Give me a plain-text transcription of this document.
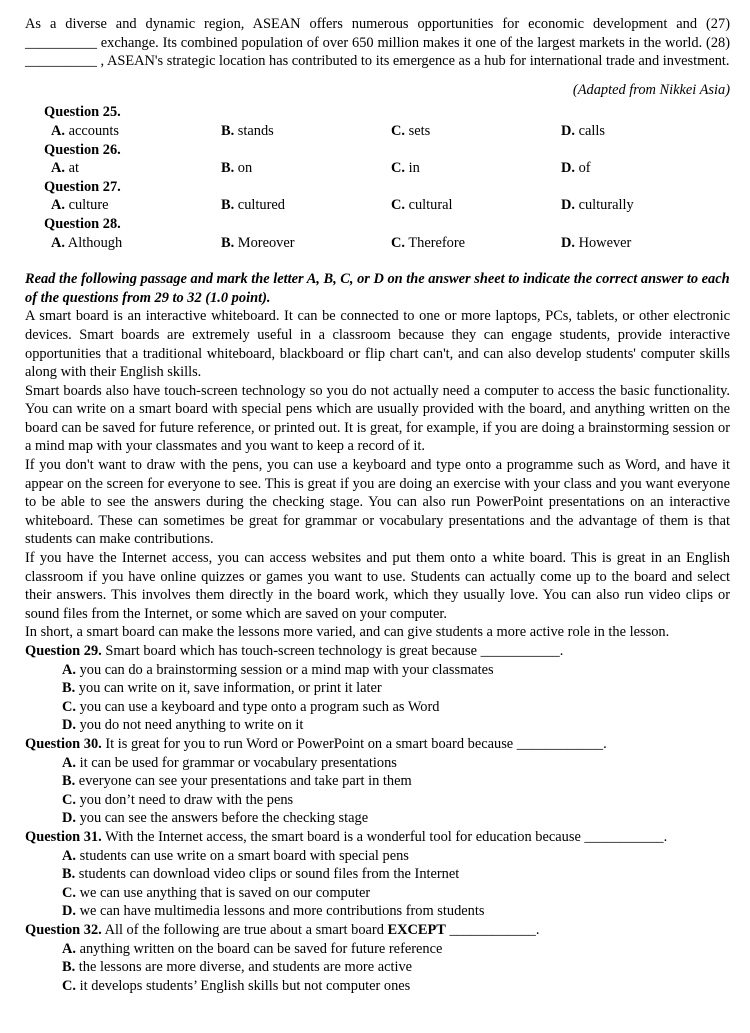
As a diverse and dynamic region, ASEAN offers numerous opportunities for economic development and (27) __________ exchange. Its combined population of over 650 million makes it one of the largest markets in the world. (28) __________ , ASEAN's strategic location has contributed to its emergence as a hub for international trade and investment.

(Adapted from Nikkei Asia)
Question 25.
A. accounts	B. stands	C. sets	D. calls
Question 26.
A. at	B. on	C. in	D. of
Question 27.
A. culture	B. cultured	C. cultural	D. culturally
Question 28.
A. Although	B. Moreover	C. Therefore	D. However

Read the following passage and mark the letter A, B, C, or D on the answer sheet to indicate the correct answer to each of the questions from 29 to 32 (1.0 point).

A smart board is an interactive whiteboard. It can be connected to one or more laptops, PCs, tablets, or other electronic devices. Smart boards are extremely useful in a classroom because they can engage students, provide interactive opportunities that a traditional whiteboard, blackboard or flip chart can't, and can also develop students' computer skills along with their English skills.

Smart boards also have touch-screen technology so you do not actually need a computer to access the basic functionality. You can write on a smart board with special pens which are usually provided with the board, and anything written on the board can be saved for future reference, or printed out. It is great, for example, if you are doing a brainstorming session or a mind map with your classmates and you want to keep a record of it.

If you don't want to draw with the pens, you can use a keyboard and type onto a programme such as Word, and have it appear on the screen for everyone to see. This is great if you are doing an exercise with your class and you want everyone to be able to see the answers during the checking stage. You can also run PowerPoint presentations on an interactive whiteboard. These can sometimes be great for grammar or vocabulary presentations and the advantage of them is that students can make contributions.

If you have the Internet access, you can access websites and put them onto a white board. This is great in an English classroom if you have online quizzes or games you want to use. Students can actually come up to the board and select their answers. This involves them directly in the board work, which they usually love. You can also run video clips or sound files from the Internet, or some which are saved on your computer.

In short, a smart board can make the lessons more varied, and can give students a more active role in the lesson.

Question 29. Smart board which has touch-screen technology is great because ___________.

A. you can do a brainstorming session or a mind map with your classmates

B. you can write on it, save information, or print it later

C. you can use a keyboard and type onto a program such as Word

D. you do not need anything to write on it

Question 30. It is great for you to run Word or PowerPoint on a smart board because ____________.

A. it can be used for grammar or vocabulary presentations

B. everyone can see your presentations and take part in them

C. you don’t need to draw with the pens

D. you can see the answers before the checking stage

Question 31. With the Internet access, the smart board is a wonderful tool for education because ___________.

A. students can use write on a smart board with special pens

B. students can download video clips or sound files from the Internet

C. we can use anything that is saved on our computer

D. we can have multimedia lessons and more contributions from students

Question 32. All of the following are true about a smart board EXCEPT ____________.

A. anything written on the board can be saved for future reference

B. the lessons are more diverse, and students are more active

C. it develops students’ English skills but not computer ones
